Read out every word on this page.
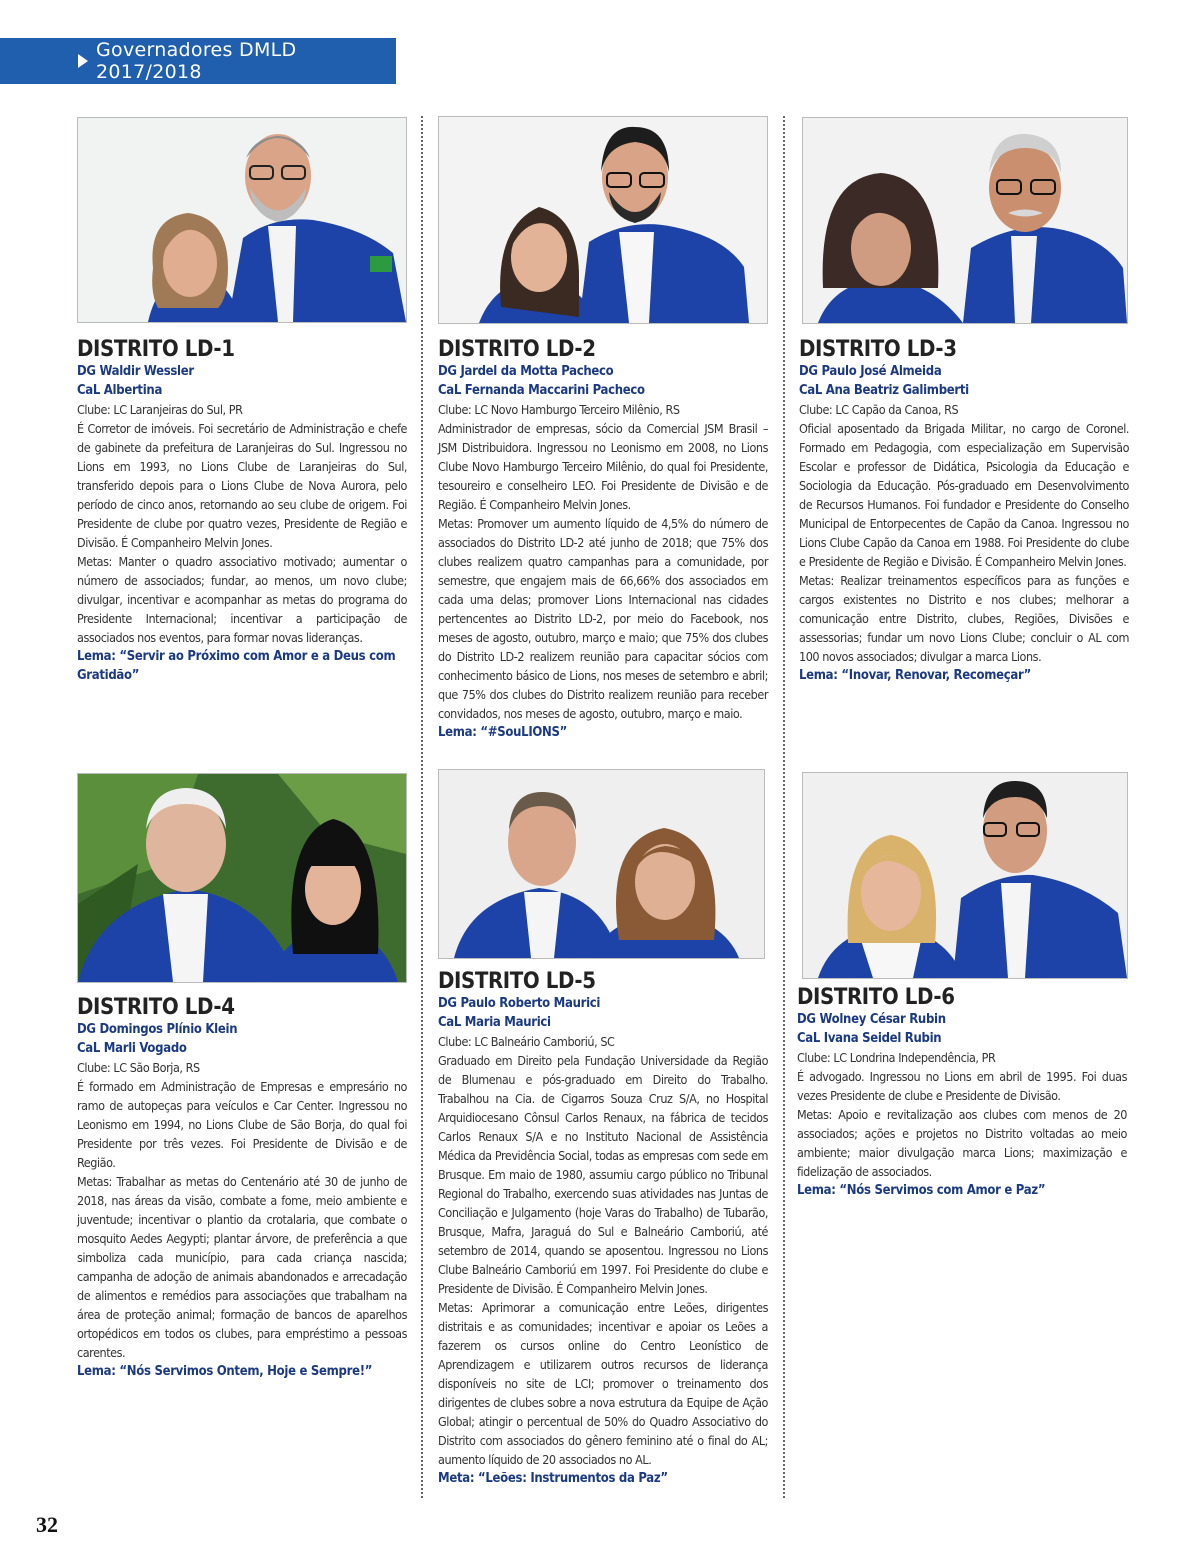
Governadores DMLD 2017/2018
DISTRITO LD-1
DG Waldir Wessler
CaL Albertina

Clube: LC Laranjeiras do Sul, PR

É Corretor de imóveis. Foi secretário de Administração e chefe de gabinete da prefeitura de Laranjeiras do Sul. Ingressou no Lions em 1993, no Lions Clube de Laranjeiras do Sul, transferido depois para o Lions Clube de Nova Aurora, pelo período de cinco anos, retornando ao seu clube de origem. Foi Presidente de clube por quatro vezes, Presidente de Região e Divisão. É Companheiro Melvin Jones.

Metas: Manter o quadro associativo motivado; aumentar o número de associados; fundar, ao menos, um novo clube; divulgar, incentivar e acompanhar as metas do programa do Presidente Internacional; incentivar a participação de associados nos eventos, para formar novas lideranças.

Lema: “Servir ao Próximo com Amor e a Deus com Gratidão”
DISTRITO LD-2
DG Jardel da Motta Pacheco
CaL Fernanda Maccarini Pacheco

Clube: LC Novo Hamburgo Terceiro Milênio, RS

Administrador de empresas, sócio da Comercial JSM Brasil – JSM Distribuidora. Ingressou no Leonismo em 2008, no Lions Clube Novo Hamburgo Terceiro Milênio, do qual foi Presidente, tesoureiro e conselheiro LEO. Foi Presidente de Divisão e de Região. É Companheiro Melvin Jones.

Metas: Promover um aumento líquido de 4,5% do número de associados do Distrito LD-2 até junho de 2018; que 75% dos clubes realizem quatro campanhas para a comunidade, por semestre, que engajem mais de 66,66% dos associados em cada uma delas; promover Lions Internacional nas cidades pertencentes ao Distrito LD-2, por meio do Facebook, nos meses de agosto, outubro, março e maio; que 75% dos clubes do Distrito LD-2 realizem reunião para capacitar sócios com conhecimento básico de Lions, nos meses de setembro e abril; que 75% dos clubes do Distrito realizem reunião para receber convidados, nos meses de agosto, outubro, março e maio.

Lema: “#SouLIONS”
DISTRITO LD-3
DG Paulo José Almeida
CaL Ana Beatriz Galimberti

Clube: LC Capão da Canoa, RS

Oficial aposentado da Brigada Militar, no cargo de Coronel. Formado em Pedagogia, com especialização em Supervisão Escolar e professor de Didática, Psicologia da Educação e Sociologia da Educação. Pós-graduado em Desenvolvimento de Recursos Humanos. Foi fundador e Presidente do Conselho Municipal de Entorpecentes de Capão da Canoa. Ingressou no Lions Clube Capão da Canoa em 1988. Foi Presidente do clube e Presidente de Região e Divisão. É Companheiro Melvin Jones.

Metas: Realizar treinamentos específicos para as funções e cargos existentes no Distrito e nos clubes; melhorar a comunicação entre Distrito, clubes, Regiões, Divisões e assessorias; fundar um novo Lions Clube; concluir o AL com 100 novos associados; divulgar a marca Lions.

Lema: “Inovar, Renovar, Recomeçar”
DISTRITO LD-4
DG Domingos Plínio Klein
CaL Marli Vogado

Clube: LC São Borja, RS

É formado em Administração de Empresas e empresário no ramo de autopeças para veículos e Car Center. Ingressou no Leonismo em 1994, no Lions Clube de São Borja, do qual foi Presidente por três vezes. Foi Presidente de Divisão e de Região.

Metas: Trabalhar as metas do Centenário até 30 de junho de 2018, nas áreas da visão, combate a fome, meio ambiente e juventude; incentivar o plantio da crotalaria, que combate o mosquito Aedes Aegypti; plantar árvore, de preferência a que simboliza cada município, para cada criança nascida; campanha de adoção de animais abandonados e arrecadação de alimentos e remédios para associações que trabalham na área de proteção animal; formação de bancos de aparelhos ortopédicos em todos os clubes, para empréstimo a pessoas carentes.

Lema: “Nós Servimos Ontem, Hoje e Sempre!”
DISTRITO LD-5
DG Paulo Roberto Maurici
CaL Maria Maurici

Clube: LC Balneário Camboriú, SC

Graduado em Direito pela Fundação Universidade da Região de Blumenau e pós-graduado em Direito do Trabalho. Trabalhou na Cia. de Cigarros Souza Cruz S/A, no Hospital Arquidiocesano Cônsul Carlos Renaux, na fábrica de tecidos Carlos Renaux S/A e no Instituto Nacional de Assistência Médica da Previdência Social, todas as empresas com sede em Brusque. Em maio de 1980, assumiu cargo público no Tribunal Regional do Trabalho, exercendo suas atividades nas Juntas de Conciliação e Julgamento (hoje Varas do Trabalho) de Tubarão, Brusque, Mafra, Jaraguá do Sul e Balneário Camboriú, até setembro de 2014, quando se aposentou. Ingressou no Lions Clube Balneário Camboriú em 1997. Foi Presidente do clube e Presidente de Divisão. É Companheiro Melvin Jones.

Metas: Aprimorar a comunicação entre Leões, dirigentes distritais e as comunidades; incentivar e apoiar os Leões a fazerem os cursos online do Centro Leonístico de Aprendizagem e utilizarem outros recursos de liderança disponíveis no site de LCI; promover o treinamento dos dirigentes de clubes sobre a nova estrutura da Equipe de Ação Global; atingir o percentual de 50% do Quadro Associativo do Distrito com associados do gênero feminino até o final do AL; aumento líquido de 20 associados no AL.

Meta: “Leões: Instrumentos da Paz”
DISTRITO LD-6
DG Wolney César Rubin
CaL Ivana Seidel Rubin

Clube: LC Londrina Independência, PR

É advogado. Ingressou no Lions em abril de 1995. Foi duas vezes Presidente de clube e Presidente de Divisão.

Metas: Apoio e revitalização aos clubes com menos de 20 associados; ações e projetos no Distrito voltadas ao meio ambiente; maior divulgação marca Lions; maximização e fidelização de associados.

Lema: “Nós Servimos com Amor e Paz”
32
